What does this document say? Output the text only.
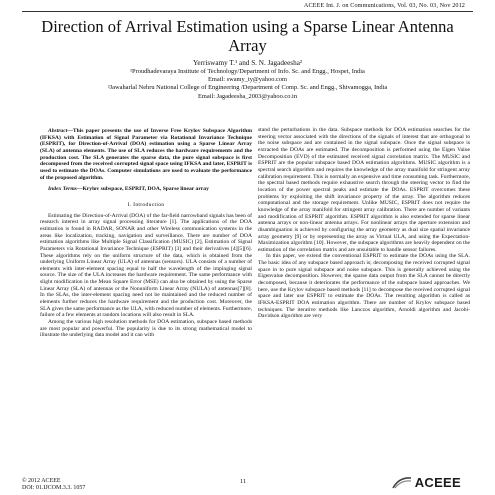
ACEEE Int. J. on Communications, Vol. 03, No. 03, Nov 2012
Direction of Arrival Estimation using a Sparse Linear Antenna Array
Yerriswamy T.¹ and S. N. Jagadeesha²
¹Proudhadevaraya Institute of Technology/Department of Info. Sc. and Engg., Hospet, India
Email: swamy_ty@yahoo.com
²Jawaharlal Nehru National College of Engineering /Department of Comp. Sc. and Engg., Shivamogga, India
Email: Jagadeesha_2003@yahoo.co.in

Abstract—This paper presents the use of Inverse Free Krylov Subspace Algorithm (IFKSA) with Estimation of Signal Parameter via Rotational Invariance Technique (ESPRIT), for Direction-of-Arrival (DOA) estimation using a Sparse Linear Array (SLA) of antenna elements. The use of SLA reduces the hardware requirements and the production cost. The SLA generates the sparse data, the pure signal subspace is first decomposed from the received corrupted signal space using IFKSA and later, ESPRIT is used to estimate the DOAs. Computer simulations are used to evaluate the performance of the proposed algorithm.

Index Terms—Krylov subspace, ESPRIT, DOA, Sparse linear array

I. Introduction

Estimating the Direction-of-Arrival (DOA) of the far-field narrowband signals has been of research interest in array signal processing literature [1]. The applications of the DOA estimation is found in RADAR, SONAR and other Wireless communication systems in the areas like localization, tracking, navigation and surveillance. There are number of DOA estimation algorithms like Multiple Signal Classification (MUSIC) [2], Estimation of Signal Parameters via Rotational Invariance Technique (ESPRIT) [3] and their derivatives [4][5][6]. These algorithms rely on the uniform structure of the data, which is obtained from the underlying Uniform Linear Array (ULA) of antennas (sensors). ULA consists of a number of elements with inter-element spacing equal to half the wavelength of the impinging signal source. The size of the ULA increases the hardware requirement. The same performance with slight modification in the Mean Square Error (MSE) can also be obtained by using the Sparse Linear Array (SLA) of antennas or the Nonuniform Linear Array (NULA) of antennas[7][8]. In the SLAs, the inter-element spacing need not be maintained and the reduced number of elements further reduces the hardware requirement and the production cost. Moreover, the SLA gives the same performance as the ULA, with reduced number of elements. Furthermore, failure of a few elements at random locations will also result in SLA.

Among the various high resolution methods for DOA estimation, subspace based methods are most popular and powerful. The popularity is due to its strong mathematical model to illustrate the underlying data model and it can with

stand the perturbations in the data. Subspace methods for DOA estimation searches for the steering vector associated with the directions of the signals of interest that are orthogonal to the noise subspace and are contained in the signal subspace. Once the signal subspace is extracted the DOAs are estimated. The decomposition is performed using the Eigen Value Decomposition (EVD) of the estimated received signal correlation matrix. The MUSIC and ESPRIT are the popular subspace based DOA estimation algorithms. MUSIC algorithm is a spectral search algorithm and requires the knowledge of the array manifold for stringent array calibration requirement. This is normally an expensive and time consuming task. Furthermore, the spectral based methods require exhaustive search through the steering vector to find the location of the power spectral peaks and estimate the DOAs. ESPRIT overcomes these problems by exploiting the shift invariance property of the array. The algorithm reduces computational and the storage requirement. Unlike MUSIC, ESPRIT does not require the knowledge of the array manifold for stringent array calibration. There are number of variants and modification of ESPRIT algorithm. ESPRIT algorithm is also extended for sparse linear antenna arrays or non-linear antenna arrays. For nonlinear arrays the aperture extension and disambiguation is achieved by configuring the array geometry as dual size spatial invariance array geometry [9] or by representing the array as Virtual ULA, and using the Expectation-Maximization algorithm [10]. However, the subspace algorithms are heavily dependent on the estimation of the correlation matrix and are unsuitable to handle sensor failures.

In this paper, we extend the conventional ESPRIT to estimate the DOAs using the SLA. The basic idea of any subspace based approach is; decomposing the received corrupted signal space in to pure signal subspace and noise subspace. This is generally achieved using the Eigenvalue decomposition. However, the sparse data output from the SLA cannot be directly decomposed, because it deteriorates the performance of the subspace based approaches. We here, use the Krylov subspace based methods [11] to decompose the received corrupted signal space and later use ESPRIT to estimate the DOAs. The resulting algorithm is called as IFKSA-ESPRIT DOA estimation algorithm. There are number of Krylov subspace based techniques. The iterative methods like Lanczos algorithm, Arnoldi algorithm and Jacobi-Davidson algorithm are very

© 2012 ACEEE
DOI: 01.IJCOM.3.3. 1057
11	ACEEE
